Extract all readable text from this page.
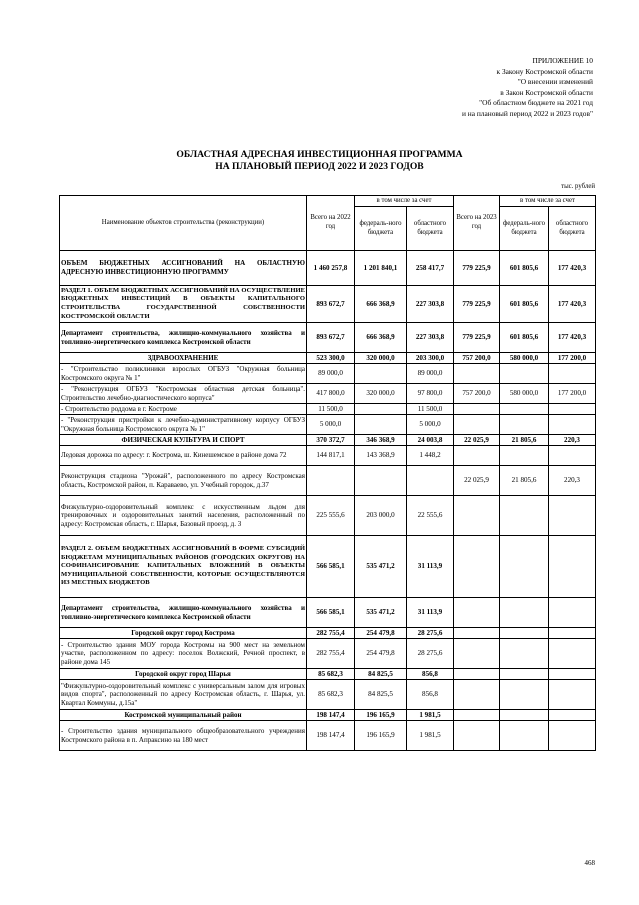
ПРИЛОЖЕНИЕ 10
к Закону Костромской области
"О внесении изменений
в Закон Костромской области
"Об областном бюджете на 2021 год
и на плановый период 2022 и 2023 годов"
ОБЛАСТНАЯ АДРЕСНАЯ ИНВЕСТИЦИОННАЯ ПРОГРАММА
НА ПЛАНОВЫЙ ПЕРИОД 2022 И 2023 ГОДОВ
тыс. рублей
Наименование объектов строительства (реконструкции)	Всего на 2022 год	в том числе за счет		Всего на 2023 год	в том числе за счет	
		федераль-ного бюджета	областного бюджета		федераль-ного бюджета	областного бюджета
ОБЪЕМ БЮДЖЕТНЫХ АССИГНОВАНИЙ НА ОБЛАСТНУЮ АДРЕСНУЮ ИНВЕСТИЦИОННУЮ ПРОГРАММУ	1 460 257,8	1 201 840,1	258 417,7	779 225,9	601 805,6	177 420,3
РАЗДЕЛ 1. ОБЪЕМ БЮДЖЕТНЫХ АССИГНОВАНИЙ НА ОСУЩЕСТВЛЕНИЕ БЮДЖЕТНЫХ ИНВЕСТИЦИЙ В ОБЪЕКТЫ КАПИТАЛЬНОГО СТРОИТЕЛЬСТВА ГОСУДАРСТВЕННОЙ СОБСТВЕННОСТИ КОСТРОМСКОЙ ОБЛАСТИ	893 672,7	666 368,9	227 303,8	779 225,9	601 805,6	177 420,3
Департамент строительства, жилищно-коммунального хозяйства и топливно-энергетического комплекса Костромской области	893 672,7	666 368,9	227 303,8	779 225,9	601 805,6	177 420,3
ЗДРАВООХРАНЕНИЕ	523 300,0	320 000,0	203 300,0	757 200,0	580 000,0	177 200,0
- "Строительство поликлиники взрослых ОГБУЗ "Окружная больница Костромского округа № 1"	89 000,0		89 000,0			
- "Реконструкция ОГБУЗ "Костромская областная детская больница". Строительство лечебно-диагностического корпуса"	417 800,0	320 000,0	97 800,0	757 200,0	580 000,0	177 200,0
- Строительство роддома в г. Костроме	11 500,0		11 500,0			
- "Реконструкция пристройки к лечебно-административному корпусу ОГБУЗ "Окружная больница Костромского округа № 1"	5 000,0		5 000,0			
ФИЗИЧЕСКАЯ КУЛЬТУРА И СПОРТ	370 372,7	346 368,9	24 003,8	22 025,9	21 805,6	220,3
Ледовая дорожка по адресу: г. Кострома, ш. Кинешемское в районе дома 72	144 817,1	143 368,9	1 448,2			
Реконструкция стадиона "Урожай", расположенного по адресу Костромская область, Костромской район, п. Караваево, ул. Учебный городок, д.37				22 025,9	21 805,6	220,3
Физкультурно-оздоровительный комплекс с искусственным льдом для тренировочных и оздоровительных занятий населения, расположенный по адресу: Костромская область, г. Шарья, Базовый проезд, д. 3	225 555,6	203 000,0	22 555,6			
РАЗДЕЛ 2. ОБЪЕМ БЮДЖЕТНЫХ АССИГНОВАНИЙ В ФОРМЕ СУБСИДИЙ БЮДЖЕТАМ МУНИЦИПАЛЬНЫХ РАЙОНОВ (ГОРОДСКИХ ОКРУГОВ) НА СОФИНАНСИРОВАНИЕ КАПИТАЛЬНЫХ ВЛОЖЕНИЙ В ОБЪЕКТЫ МУНИЦИПАЛЬНОЙ СОБСТВЕННОСТИ, КОТОРЫЕ ОСУЩЕСТВЛЯЮТСЯ ИЗ МЕСТНЫХ БЮДЖЕТОВ	566 585,1	535 471,2	31 113,9			
Департамент строительства, жилищно-коммунального хозяйства и топливно-энергетического комплекса Костромской области	566 585,1	535 471,2	31 113,9			
Городской округ город Кострома	282 755,4	254 479,8	28 275,6			
- Строительство здания МОУ города Костромы на 900 мест на земельном участке, расположенном по адресу: поселок Волжский, Речной проспект, в районе дома 145	282 755,4	254 479,8	28 275,6			
Городской округ город Шарья	85 682,3	84 825,5	856,8			
"Физкультурно-оздоровительный комплекс с универсальным залом для игровых видов спорта", расположенный по адресу Костромская область, г. Шарья, ул. Квартал Коммуны, д.15а"	85 682,3	84 825,5	856,8			
Костромской муниципальный район	198 147,4	196 165,9	1 981,5			
- Строительство здания муниципального общеобразовательного учреждения Костромского района в п. Апраксино на 180 мест	198 147,4	196 165,9	1 981,5			
468
